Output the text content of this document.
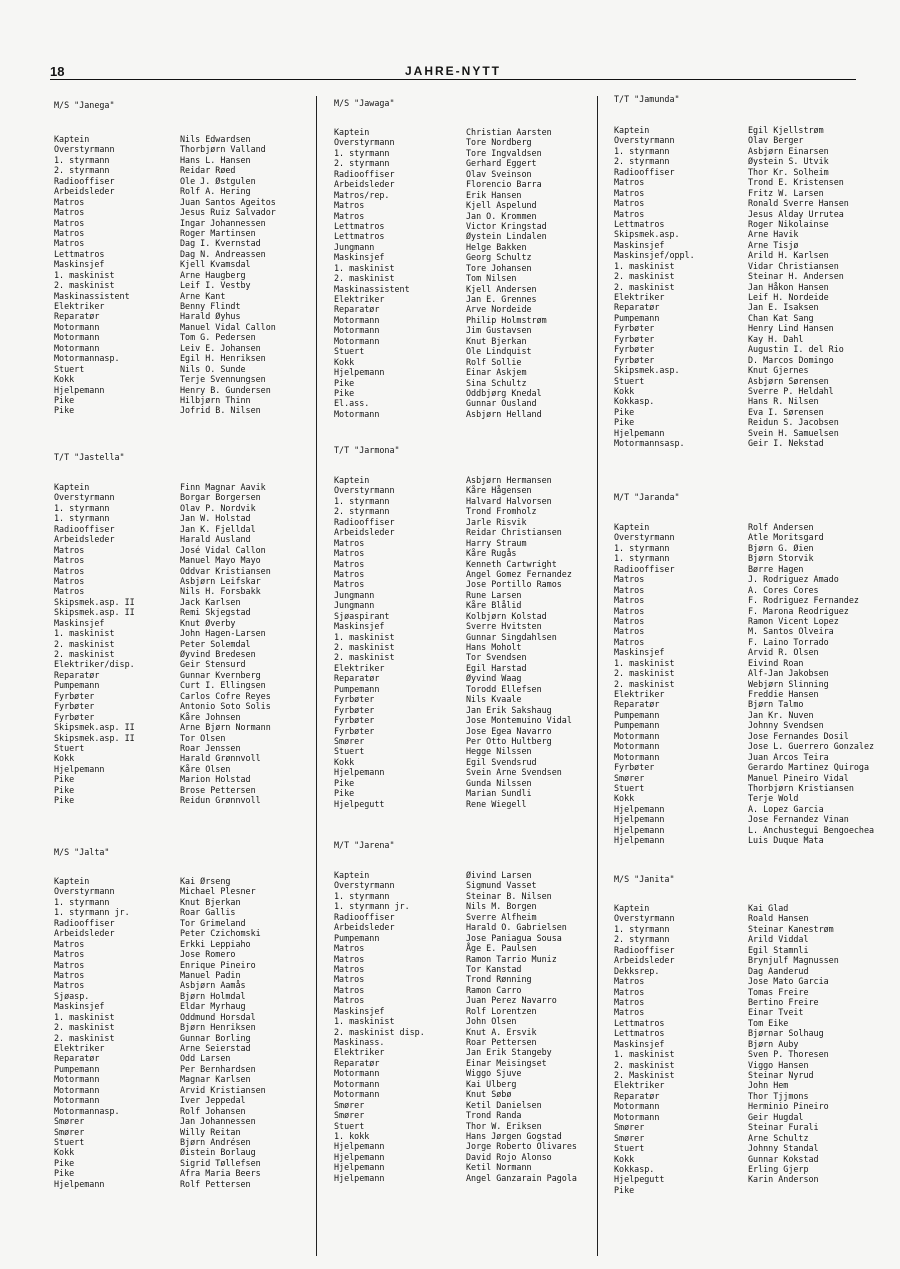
18	JAHRE-NYTT
M/S "Janega"
Kaptein	Nils Edwardsen
Overstyrmann	Thorbjørn Valland
1. styrmann	Hans L. Hansen
2. styrmann	Reidar Røed
Radiooffiser	Ole J. Østgulen
Arbeidsleder	Rolf A. Hering
Matros	Juan Santos Ageitos
Matros	Jesus Ruiz Salvador
Matros	Ingar Johannessen
Matros	Roger Martinsen
Matros	Dag I. Kvernstad
Lettmatros	Dag N. Andreassen
Maskinsjef	Kjell Kvamsdal
1. maskinist	Arne Haugberg
2. maskinist	Leif I. Vestby
Maskinassistent	Arne Kant
Elektriker	Benny Flindt
Reparatør	Harald Øyhus
Motormann	Manuel Vidal Callon
Motormann	Tom G. Pedersen
Motormann	Leiv E. Johansen
Motormannasp.	Egil H. Henriksen
Stuert	Nils O. Sunde
Kokk	Terje Svennungsen
Hjelpemann	Henry B. Gundersen
Pike	Hilbjørn Thinn
Pike	Jofrid B. Nilsen
T/T "Jastella"
Kaptein	Finn Magnar Aavik
Overstyrmann	Borgar Borgersen
1. styrmann	Olav P. Nordvik
1. styrmann	Jan W. Holstad
Radiooffiser	Jan K. Fjelldal
Arbeidsleder	Harald Ausland
Matros	José Vidal Callon
Matros	Manuel Mayo Mayo
Matros	Oddvar Kristiansen
Matros	Asbjørn Leifskar
Matros	Nils H. Forsbakk
Skipsmek.asp. II	Jack Karlsen
Skipsmek.asp. II	Remi Skjegstad
Maskinsjef	Knut Øverby
1. maskinist	John Hagen-Larsen
2. maskinist	Peter Solemdal
2. maskinist	Øyvind Bredesen
Elektriker/disp.	Geir Stensurd
Reparatør	Gunnar Kvernberg
Pumpemann	Curt I. Ellingsen
Fyrbøter	Carlos Cofre Reyes
Fyrbøter	Antonio Soto Solis
Fyrbøter	Kåre Johnsen
Skipsmek.asp. II	Arne Bjørn Normann
Skipsmek.asp. II	Tor Olsen
Stuert	Roar Jenssen
Kokk	Harald Grønnvoll
Hjelpemann	Kåre Olsen
Pike	Marion Holstad
Pike	Brose Pettersen
Pike	Reidun Grønnvoll
M/S "Jalta"
Kaptein	Kai Ørseng
Overstyrmann	Michael Plesner
1. styrmann	Knut Bjerkan
1. styrmann jr.	Roar Gallis
Radiooffiser	Tor Grimeland
Arbeidsleder	Peter Czichomski
Matros	Erkki Leppiaho
Matros	Jose Romero
Matros	Enrique Pineiro
Matros	Manuel Padin
Matros	Asbjørn Aamås
Sjøasp.	Bjørn Holmdal
Maskinsjef	Eldar Myrhaug
1. maskinist	Oddmund Horsdal
2. maskinist	Bjørn Henriksen
2. maskinist	Gunnar Borling
Elektriker	Arne Seierstad
Reparatør	Odd Larsen
Pumpemann	Per Bernhardsen
Motormann	Magnar Karlsen
Motormann	Arvid Kristiansen
Motormann	Iver Jeppedal
Motormannasp.	Rolf Johansen
Smører	Jan Johannessen
Smører	Willy Reitan
Stuert	Bjørn Andrésen
Kokk	Øistein Borlaug
Pike	Sigrid Tøllefsen
Pike	Afra Maria Beers
Hjelpemann	Rolf Pettersen
M/S "Jawaga"
Kaptein	Christian Aarsten
Overstyrmann	Tore Nordberg
1. styrmann	Tore Ingvaldsen
2. styrmann	Gerhard Eggert
Radiooffiser	Olav Sveinson
Arbeidsleder	Florencio Barra
Matros/rep.	Erik Hansen
Matros	Kjell Aspelund
Matros	Jan O. Krommen
Lettmatros	Victor Kringstad
Lettmatros	Øystein Lindalen
Jungmann	Helge Bakken
Maskinsjef	Georg Schultz
1. maskinist	Tore Johansen
2. maskinist	Tom Nilsen
Maskinassistent	Kjell Andersen
Elektriker	Jan E. Grennes
Reparatør	Arve Nordeide
Motormann	Philip Holmstrøm
Motormann	Jim Gustavsen
Motormann	Knut Bjerkan
Stuert	Ole Lindquist
Kokk	Rolf Sollie
Hjelpemann	Einar Askjem
Pike	Sina Schultz
Pike	Oddbjørg Knedal
El.ass.	Gunnar Ousland
Motormann	Asbjørn Helland
T/T "Jarmona"
Kaptein	Asbjørn Hermansen
Overstyrmann	Kåre Hågensen
1. styrmann	Halvard Halvorsen
2. styrmann	Trond Fromholz
Radiooffiser	Jarle Risvik
Arbeidsleder	Reidar Christiansen
Matros	Harry Straum
Matros	Kåre Rugås
Matros	Kenneth Cartwright
Matros	Angel Gomez Fernandez
Matros	Jose Portillo Ramos
Jungmann	Rune Larsen
Jungmann	Kåre Blålid
Sjøaspirant	Kolbjørn Kolstad
Maskinsjef	Sverre Hvitsten
1. maskinist	Gunnar Singdahlsen
2. maskinist	Hans Moholt
2. maskinist	Tor Svendsen
Elektriker	Egil Harstad
Reparatør	Øyvind Waag
Pumpemann	Torodd Ellefsen
Fyrbøter	Nils Kvaale
Fyrbøter	Jan Erik Sakshaug
Fyrbøter	Jose Montemuino Vidal
Fyrbøter	Jose Egea Navarro
Smører	Per Otto Hultberg
Stuert	Hegge Nilssen
Kokk	Egil Svendsrud
Hjelpemann	Svein Arne Svendsen
Pike	Gunda Nilssen
Pike	Marian Sundli
Hjelpegutt	Rene Wiegell
M/T "Jarena"
Kaptein	Øivind Larsen
Overstyrmann	Sigmund Vasset
1. styrmann	Steinar B. Nilsen
1. styrmann jr.	Nils M. Borgen
Radiooffiser	Sverre Alfheim
Arbeidsleder	Harald O. Gabrielsen
Pumpemann	Jose Paniagua Sousa
Matros	Åge E. Paulsen
Matros	Ramon Tarrio Muniz
Matros	Tor Kanstad
Matros	Trond Rønning
Matros	Ramon Carro
Matros	Juan Perez Navarro
Maskinsjef	Rolf Lorentzen
1. maskinist	John Olsen
2. maskinist disp.	Knut A. Ersvik
Maskinass.	Roar Pettersen
Elektriker	Jan Erik Stangeby
Reparatør	Einar Meisingset
Motormann	Wiggo Sjuve
Motormann	Kai Ulberg
Motormann	Knut Søbø
Smører	Ketil Danielsen
Smører	Trond Randa
Stuert	Thor W. Eriksen
1. kokk	Hans Jørgen Gogstad
Hjelpemann	Jorge Roberto Olivares
Hjelpemann	David Rojo Alonso
Hjelpemann	Ketil Normann
Hjelpemann	Angel Ganzarain Pagola
T/T "Jamunda"
Kaptein	Egil Kjellstrøm
Overstyrmann	Olav Berger
1. styrmann	Asbjørn Einarsen
2. styrmann	Øystein S. Utvik
Radiooffiser	Thor Kr. Solheim
Matros	Trond E. Kristensen
Matros	Fritz W. Larsen
Matros	Ronald Sverre Hansen
Matros	Jesus Alday Urrutea
Lettmatros	Roger Nikolainse
Skipsmek.asp.	Arne Havik
Maskinsjef	Arne Tisjø
Maskinsjef/oppl.	Arild H. Karlsen
1. maskinist	Vidar Christiansen
2. maskinist	Steinar H. Andersen
2. maskinist	Jan Håkon Hansen
Elektriker	Leif H. Nordeide
Reparatør	Jan E. Isaksen
Pumpemann	Chan Kat Sang
Fyrbøter	Henry Lind Hansen
Fyrbøter	Kay H. Dahl
Fyrbøter	Augustin I. del Rio
Fyrbøter	D. Marcos Domingo
Skipsmek.asp.	Knut Gjernes
Stuert	Asbjørn Sørensen
Kokk	Sverre P. Heldahl
Kokkasp.	Hans R. Nilsen
Pike	Eva I. Sørensen
Pike	Reidun S. Jacobsen
Hjelpemann	Svein H. Samuelsen
Motormannsasp.	Geir I. Nekstad
M/T "Jaranda"
Kaptein	Rolf Andersen
Overstyrmann	Atle Moritsgard
1. styrmann	Bjørn G. Øien
1. styrmann	Bjørn Storvik
Radiooffiser	Børre Hagen
Matros	J. Rodriguez Amado
Matros	A. Cores Cores
Matros	F. Rodriguez Fernandez
Matros	F. Marona Reodriguez
Matros	Ramon Vicent Lopez
Matros	M. Santos Olveira
Matros	F. Laino Torrado
Maskinsjef	Arvid R. Olsen
1. maskinist	Eivind Roan
2. maskinist	Alf-Jan Jakobsen
2. maskinist	Webjørn Slinning
Elektriker	Freddie Hansen
Reparatør	Bjørn Talmo
Pumpemann	Jan Kr. Nuven
Pumpemann	Johnny Svendsen
Motormann	Jose Fernandes Dosil
Motormann	Jose L. Guerrero Gonzalez
Motormann	Juan Arcos Teira
Fyrbøter	Gerardo Martinez Quiroga
Smører	Manuel Pineiro Vidal
Stuert	Thorbjørn Kristiansen
Kokk	Terje Wold
Hjelpemann	A. Lopez Garcia
Hjelpemann	Jose Fernandez Vinan
Hjelpemann	L. Anchustegui Bengoechea
Hjelpemann	Luis Duque Mata
M/S "Janita"
Kaptein	Kai Glad
Overstyrmann	Roald Hansen
1. styrmann	Steinar Kanestrøm
2. styrmann	Arild Viddal
Radiooffiser	Egil Stamnli
Arbeidsleder	Brynjulf Magnussen
Dekksrep.	Dag Aanderud
Matros	Jose Mato Garcia
Matros	Tomas Freire
Matros	Bertino Freire
Matros	Einar Tveit
Lettmatros	Tom Eike
Lettmatros	Bjørnar Solhaug
Maskinsjef	Bjørn Auby
1. maskinist	Sven P. Thoresen
2. maskinist	Viggo Hansen
2. Maskinist	Steinar Nyrud
Elektriker	John Hem
Reparatør	Thor Tjjmons
Motormann	Herminio Pineiro
Motormann	Geir Hugdal
Smører	Steinar Furali
Smører	Arne Schultz
Stuert	Johnny Standal
Kokk	Gunnar Kokstad
Kokkasp.	Erling Gjerp
Hjelpegutt	Karin Anderson
Pike
